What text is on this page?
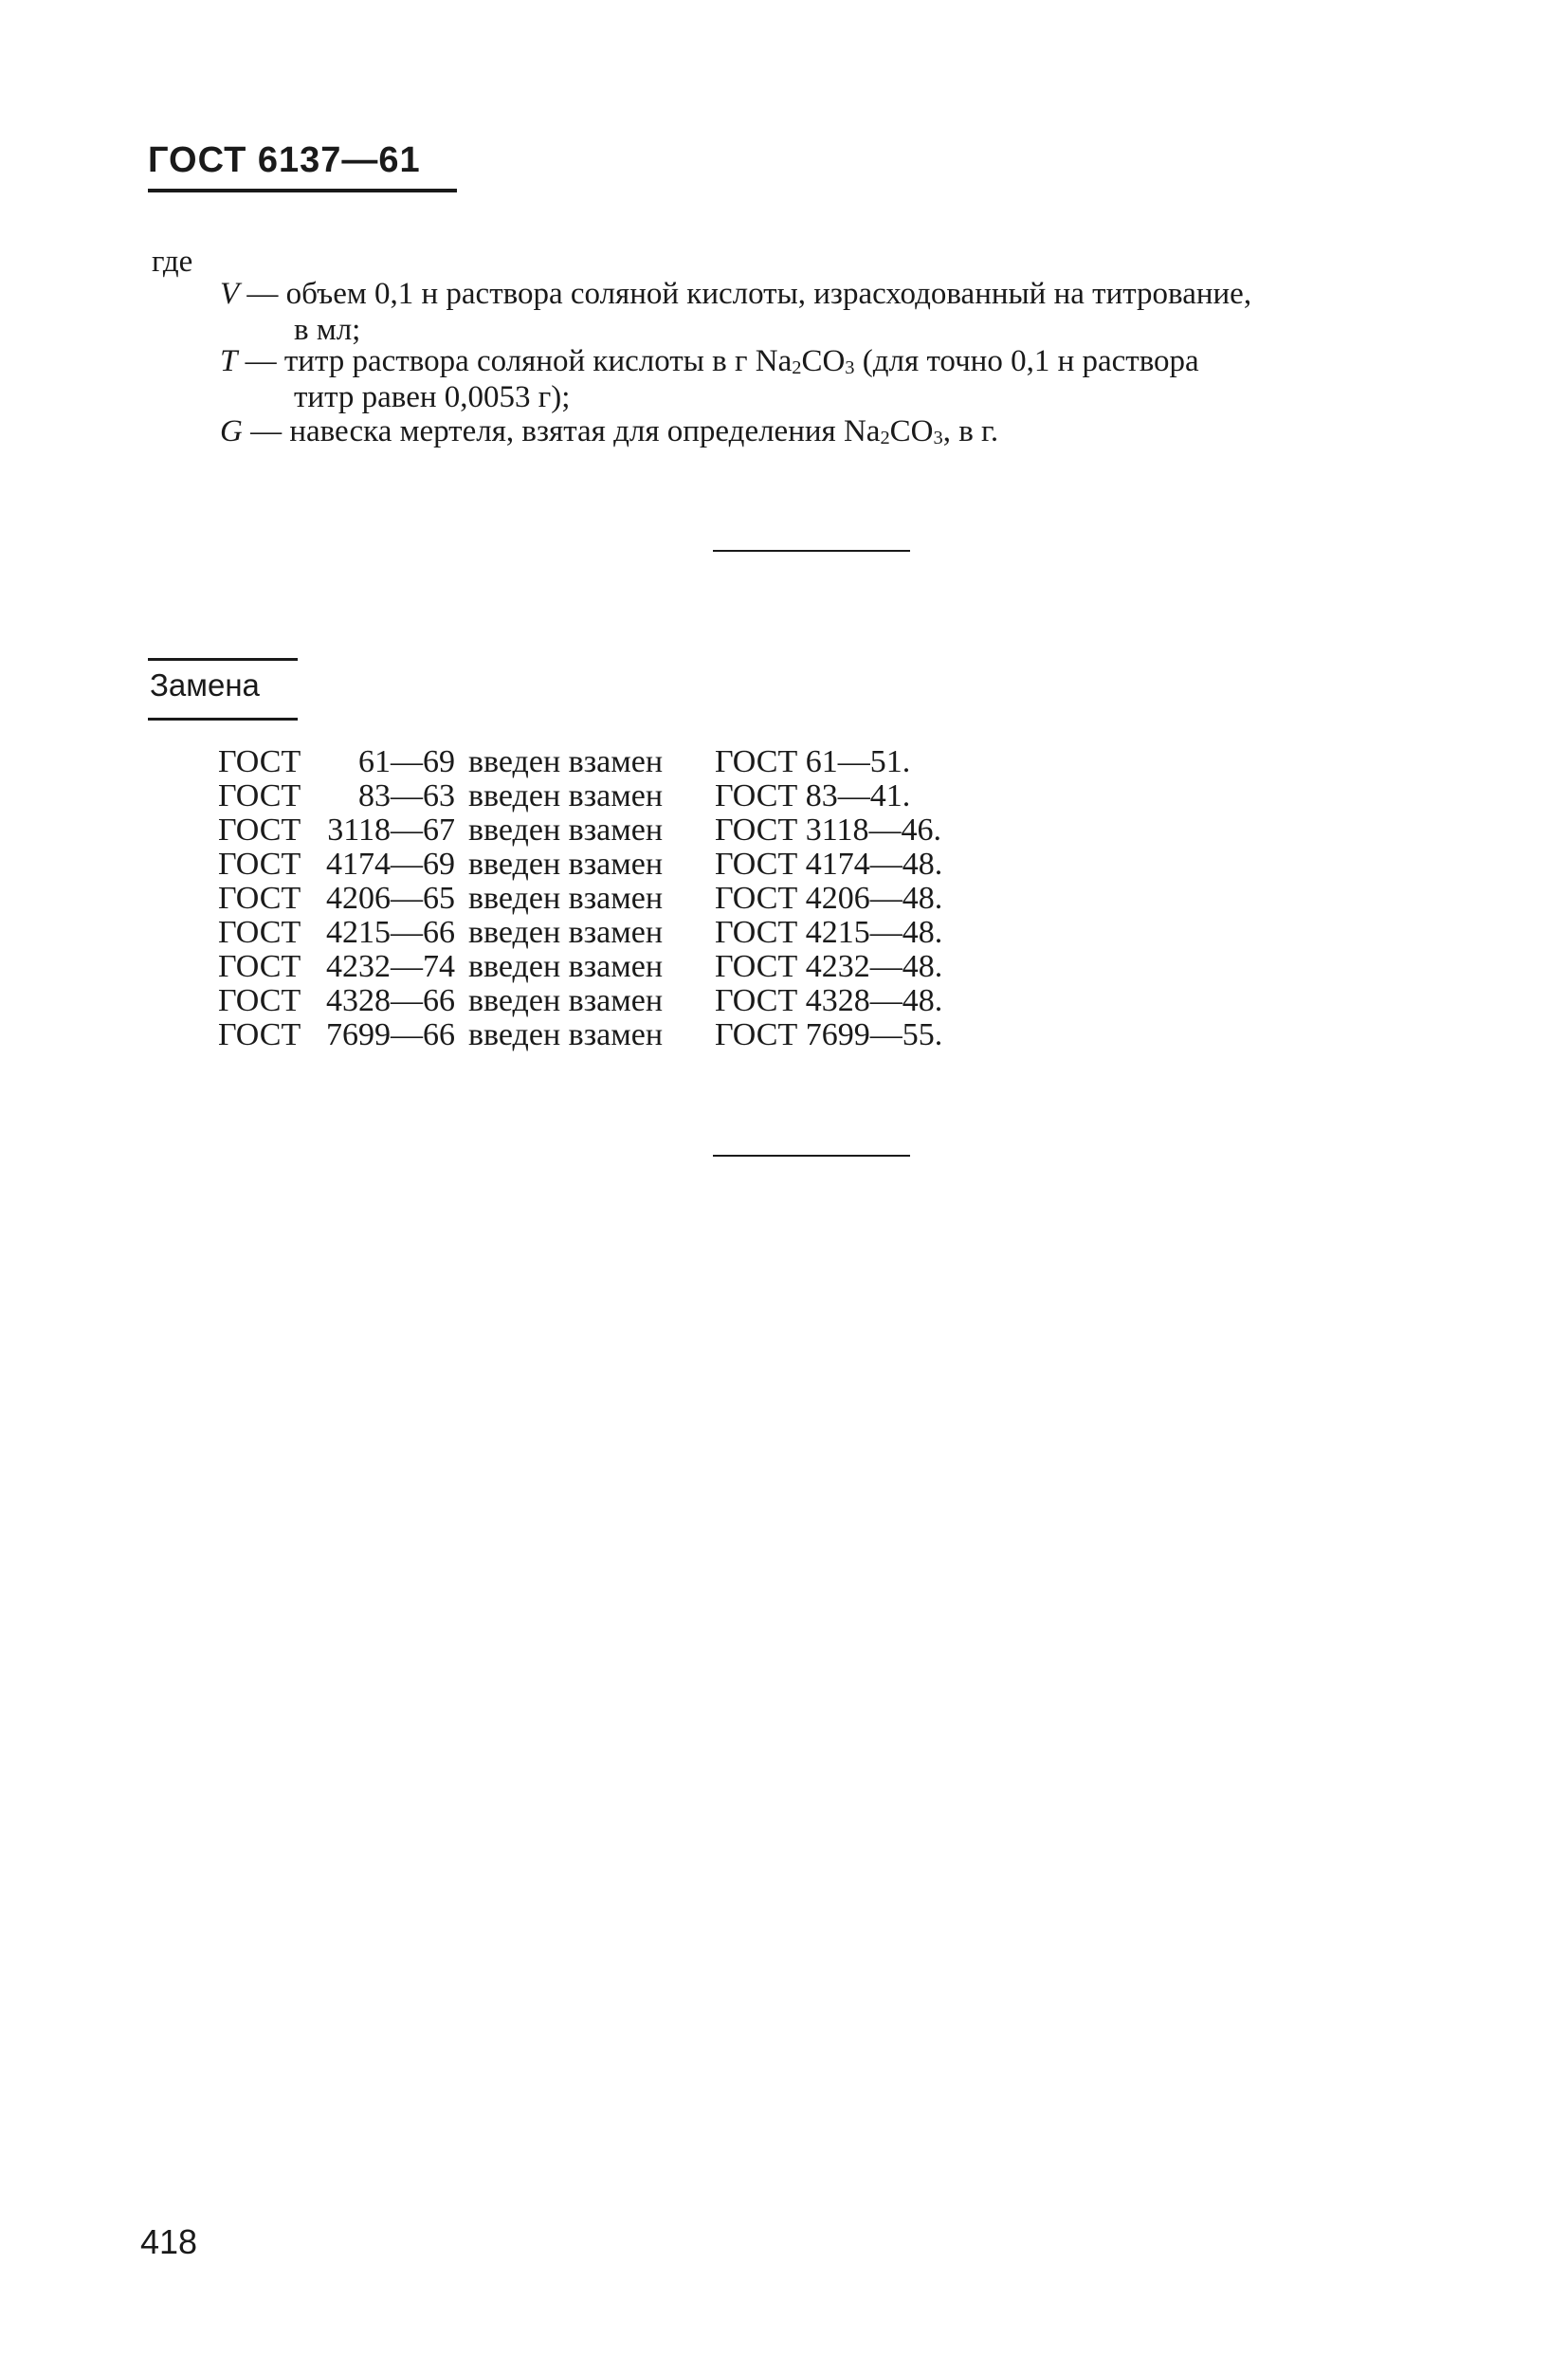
ГОСТ 6137—61
где
V — объем 0,1 н раствора соляной кислоты, израсходованный на титрование,
в мл;
T — титр раствора соляной кислоты в г $Na_2CO_3$ (для точно 0,1 н раствора
титр равен 0,0053 г);
G — навеска мертеля, взятая для определения $Na_2CO_3$, в г.
Замена
ГОСТ	61—69 введен взамен	ГОСТ 61—51.
ГОСТ	83—63 введен взамен	ГОСТ 83—41.
ГОСТ 3118—67 введен взамен	ГОСТ 3118—46.
ГОСТ 4174—69 введен взамен	ГОСТ 4174—48.
ГОСТ 4206—65 введен взамен	ГОСТ 4206—48.
ГОСТ 4215—66 введен взамен	ГОСТ 4215—48.
ГОСТ 4232—74 введен взамен	ГОСТ 4232—48.
ГОСТ 4328—66 введен взамен	ГОСТ 4328—48.
ГОСТ 7699—66 введен взамен	ГОСТ 7699—55.
418
